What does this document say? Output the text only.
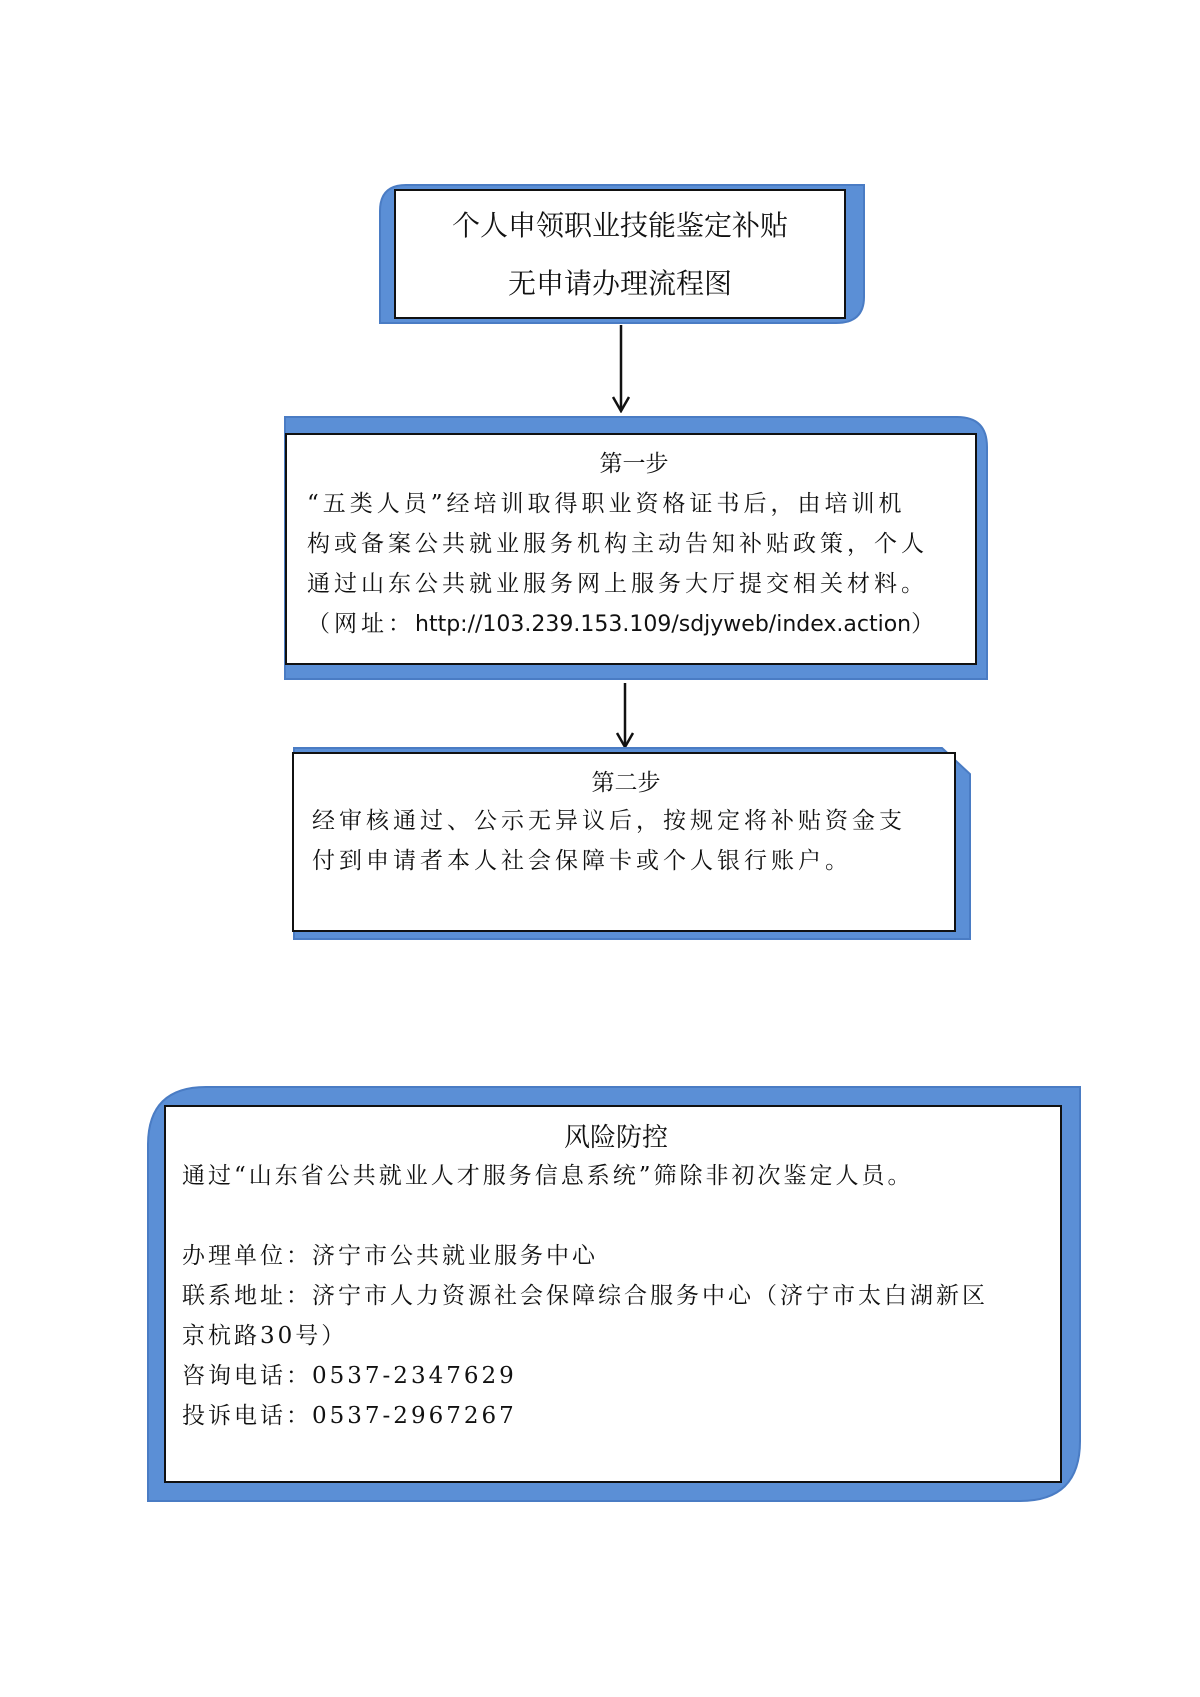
个人申领职业技能鉴定补贴
无申请办理流程图
第一步
“五类人员”经培训取得职业资格证书后，由培训机
构或备案公共就业服务机构主动告知补贴政策，个人
通过山东公共就业服务网上服务大厅提交相关材料。
（网址：http://103.239.153.109/sdjyweb/index.action）
第二步
经审核通过、公示无异议后，按规定将补贴资金支
付到申请者本人社会保障卡或个人银行账户。
风险防控
通过“山东省公共就业人才服务信息系统”筛除非初次鉴定人员。
办理单位：济宁市公共就业服务中心
联系地址：济宁市人力资源社会保障综合服务中心（济宁市太白湖新区
京杭路30号）
咨询电话：0537-2347629
投诉电话：0537-2967267
